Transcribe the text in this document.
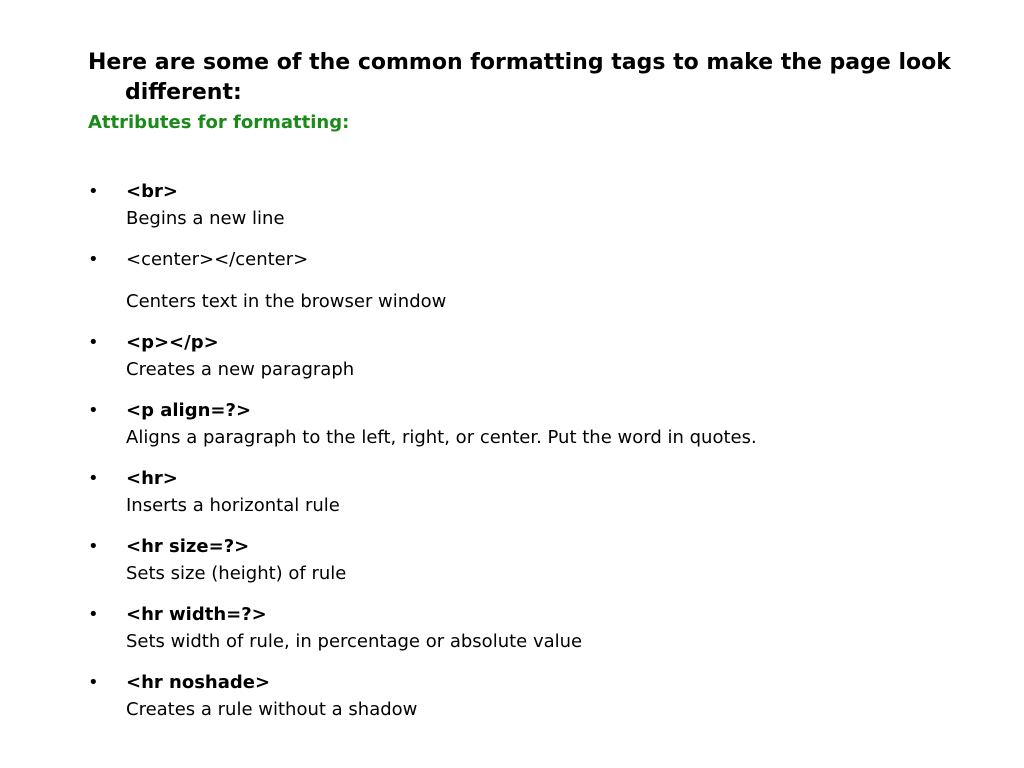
Here are some of the common formatting tags to make the page look different:

Attributes for formatting:

• <br>
Begins a new line
• <center></center>
Centers text in the browser window
• <p></p>
Creates a new paragraph
• <p align=?>
Aligns a paragraph to the left, right, or center. Put the word in quotes.
• <hr>
Inserts a horizontal rule
• <hr size=?>
Sets size (height) of rule
• <hr width=?>
Sets width of rule, in percentage or absolute value
• <hr noshade>
Creates a rule without a shadow
